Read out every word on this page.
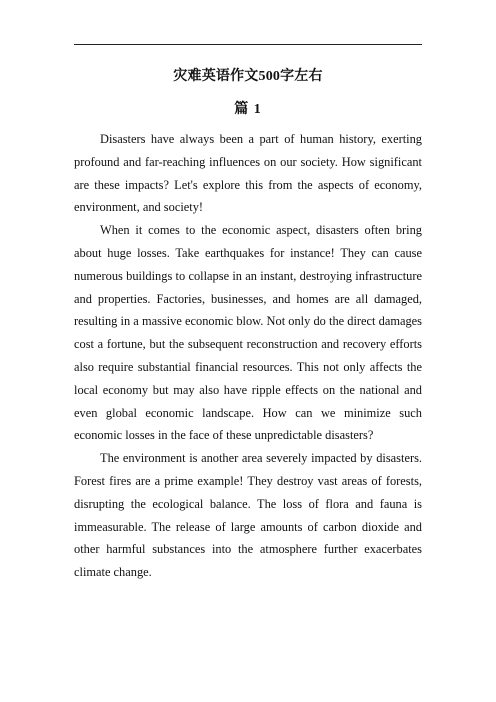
灾难英语作文500字左右
篇 1

Disasters have always been a part of human history, exerting profound and far-reaching influences on our society. How significant are these impacts? Let's explore this from the aspects of economy, environment, and society!

When it comes to the economic aspect, disasters often bring about huge losses. Take earthquakes for instance! They can cause numerous buildings to collapse in an instant, destroying infrastructure and properties. Factories, businesses, and homes are all damaged, resulting in a massive economic blow. Not only do the direct damages cost a fortune, but the subsequent reconstruction and recovery efforts also require substantial financial resources. This not only affects the local economy but may also have ripple effects on the national and even global economic landscape. How can we minimize such economic losses in the face of these unpredictable disasters?

The environment is another area severely impacted by disasters. Forest fires are a prime example! They destroy vast areas of forests, disrupting the ecological balance. The loss of flora and fauna is immeasurable. The release of large amounts of carbon dioxide and other harmful substances into the atmosphere further exacerbates climate change.
